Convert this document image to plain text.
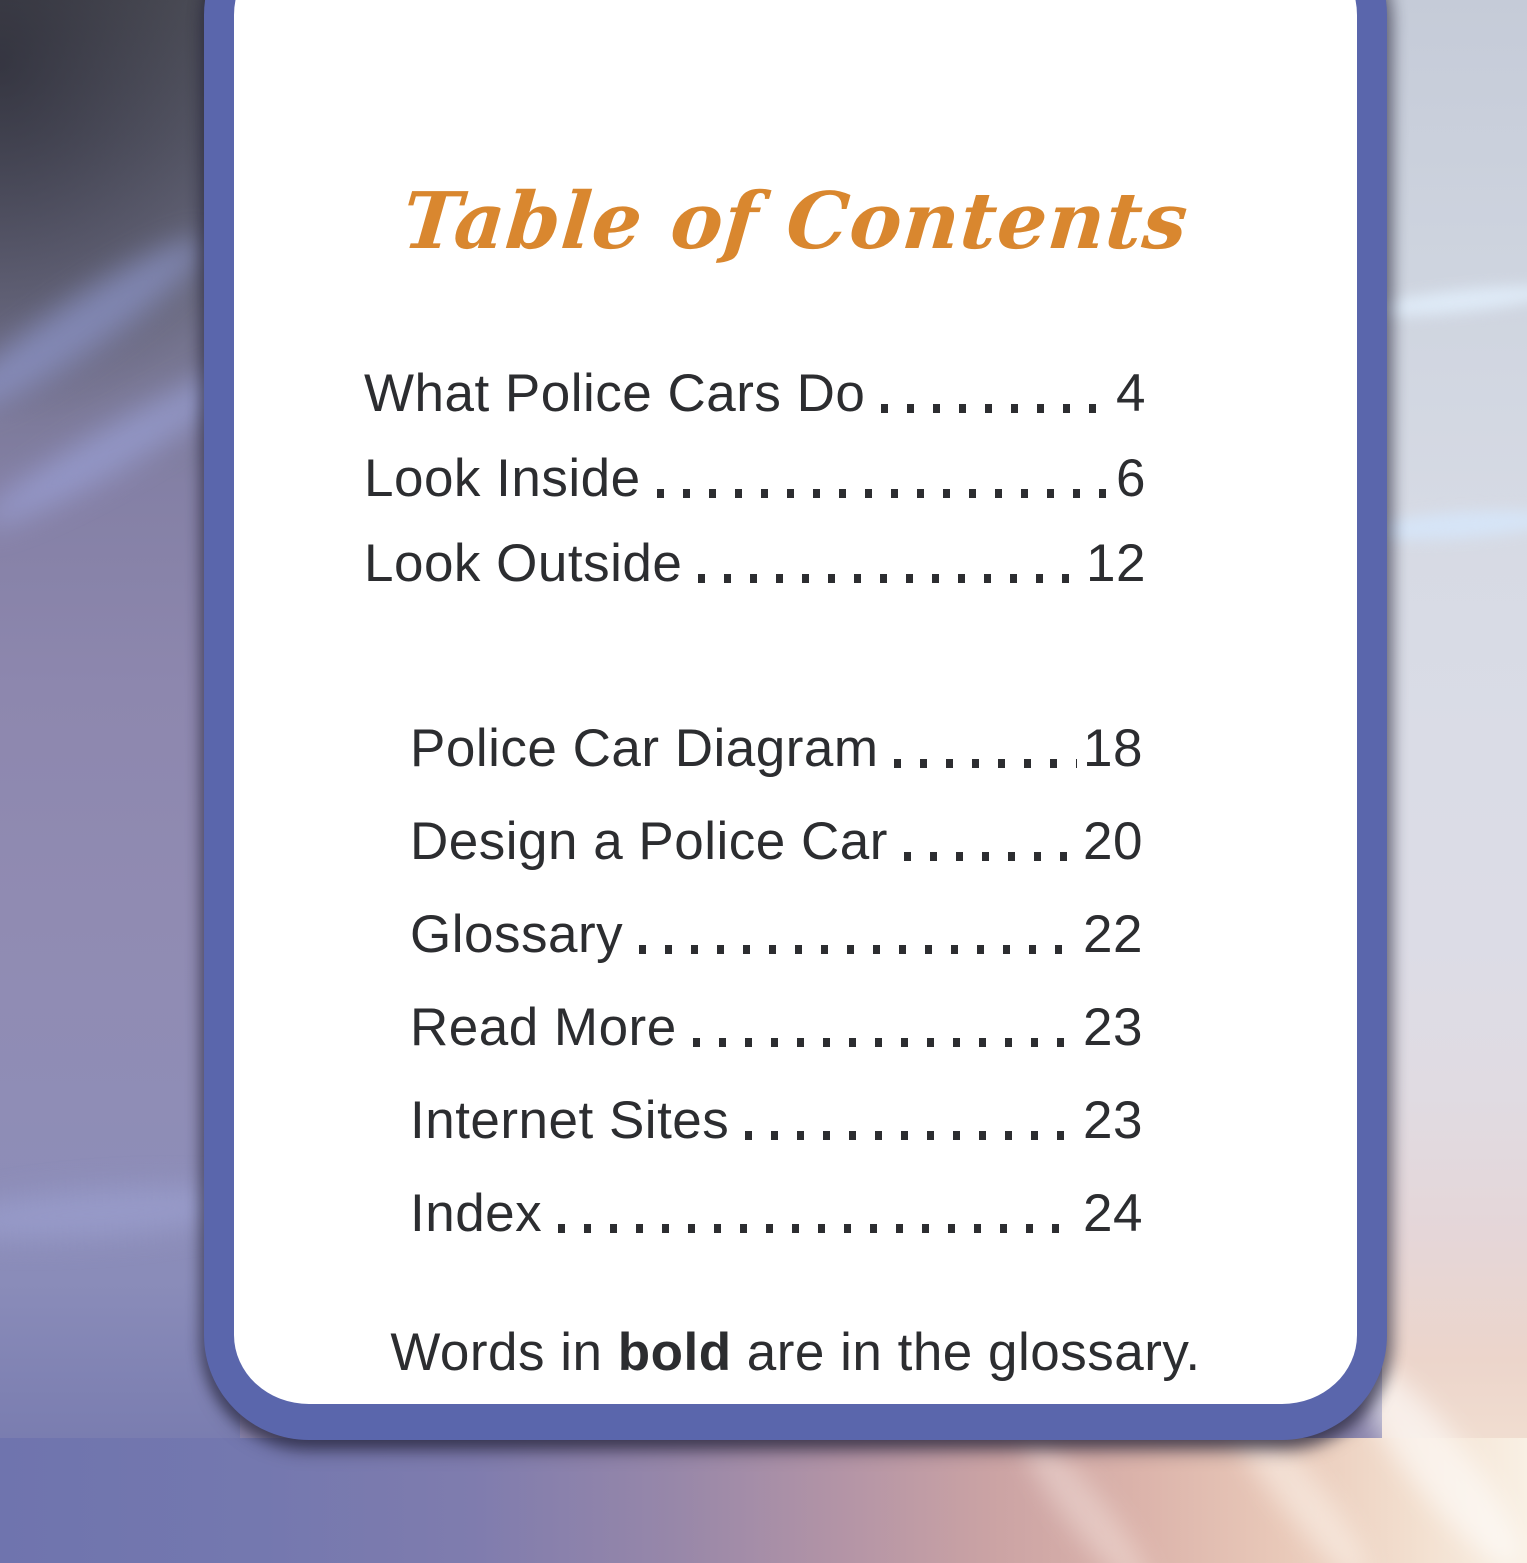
Table of Contents
What Police Cars Do	4
Look Inside	6
Look Outside	12
Police Car Diagram	18
Design a Police Car	20
Glossary	22
Read More	23
Internet Sites	23
Index	24
Words in bold are in the glossary.
